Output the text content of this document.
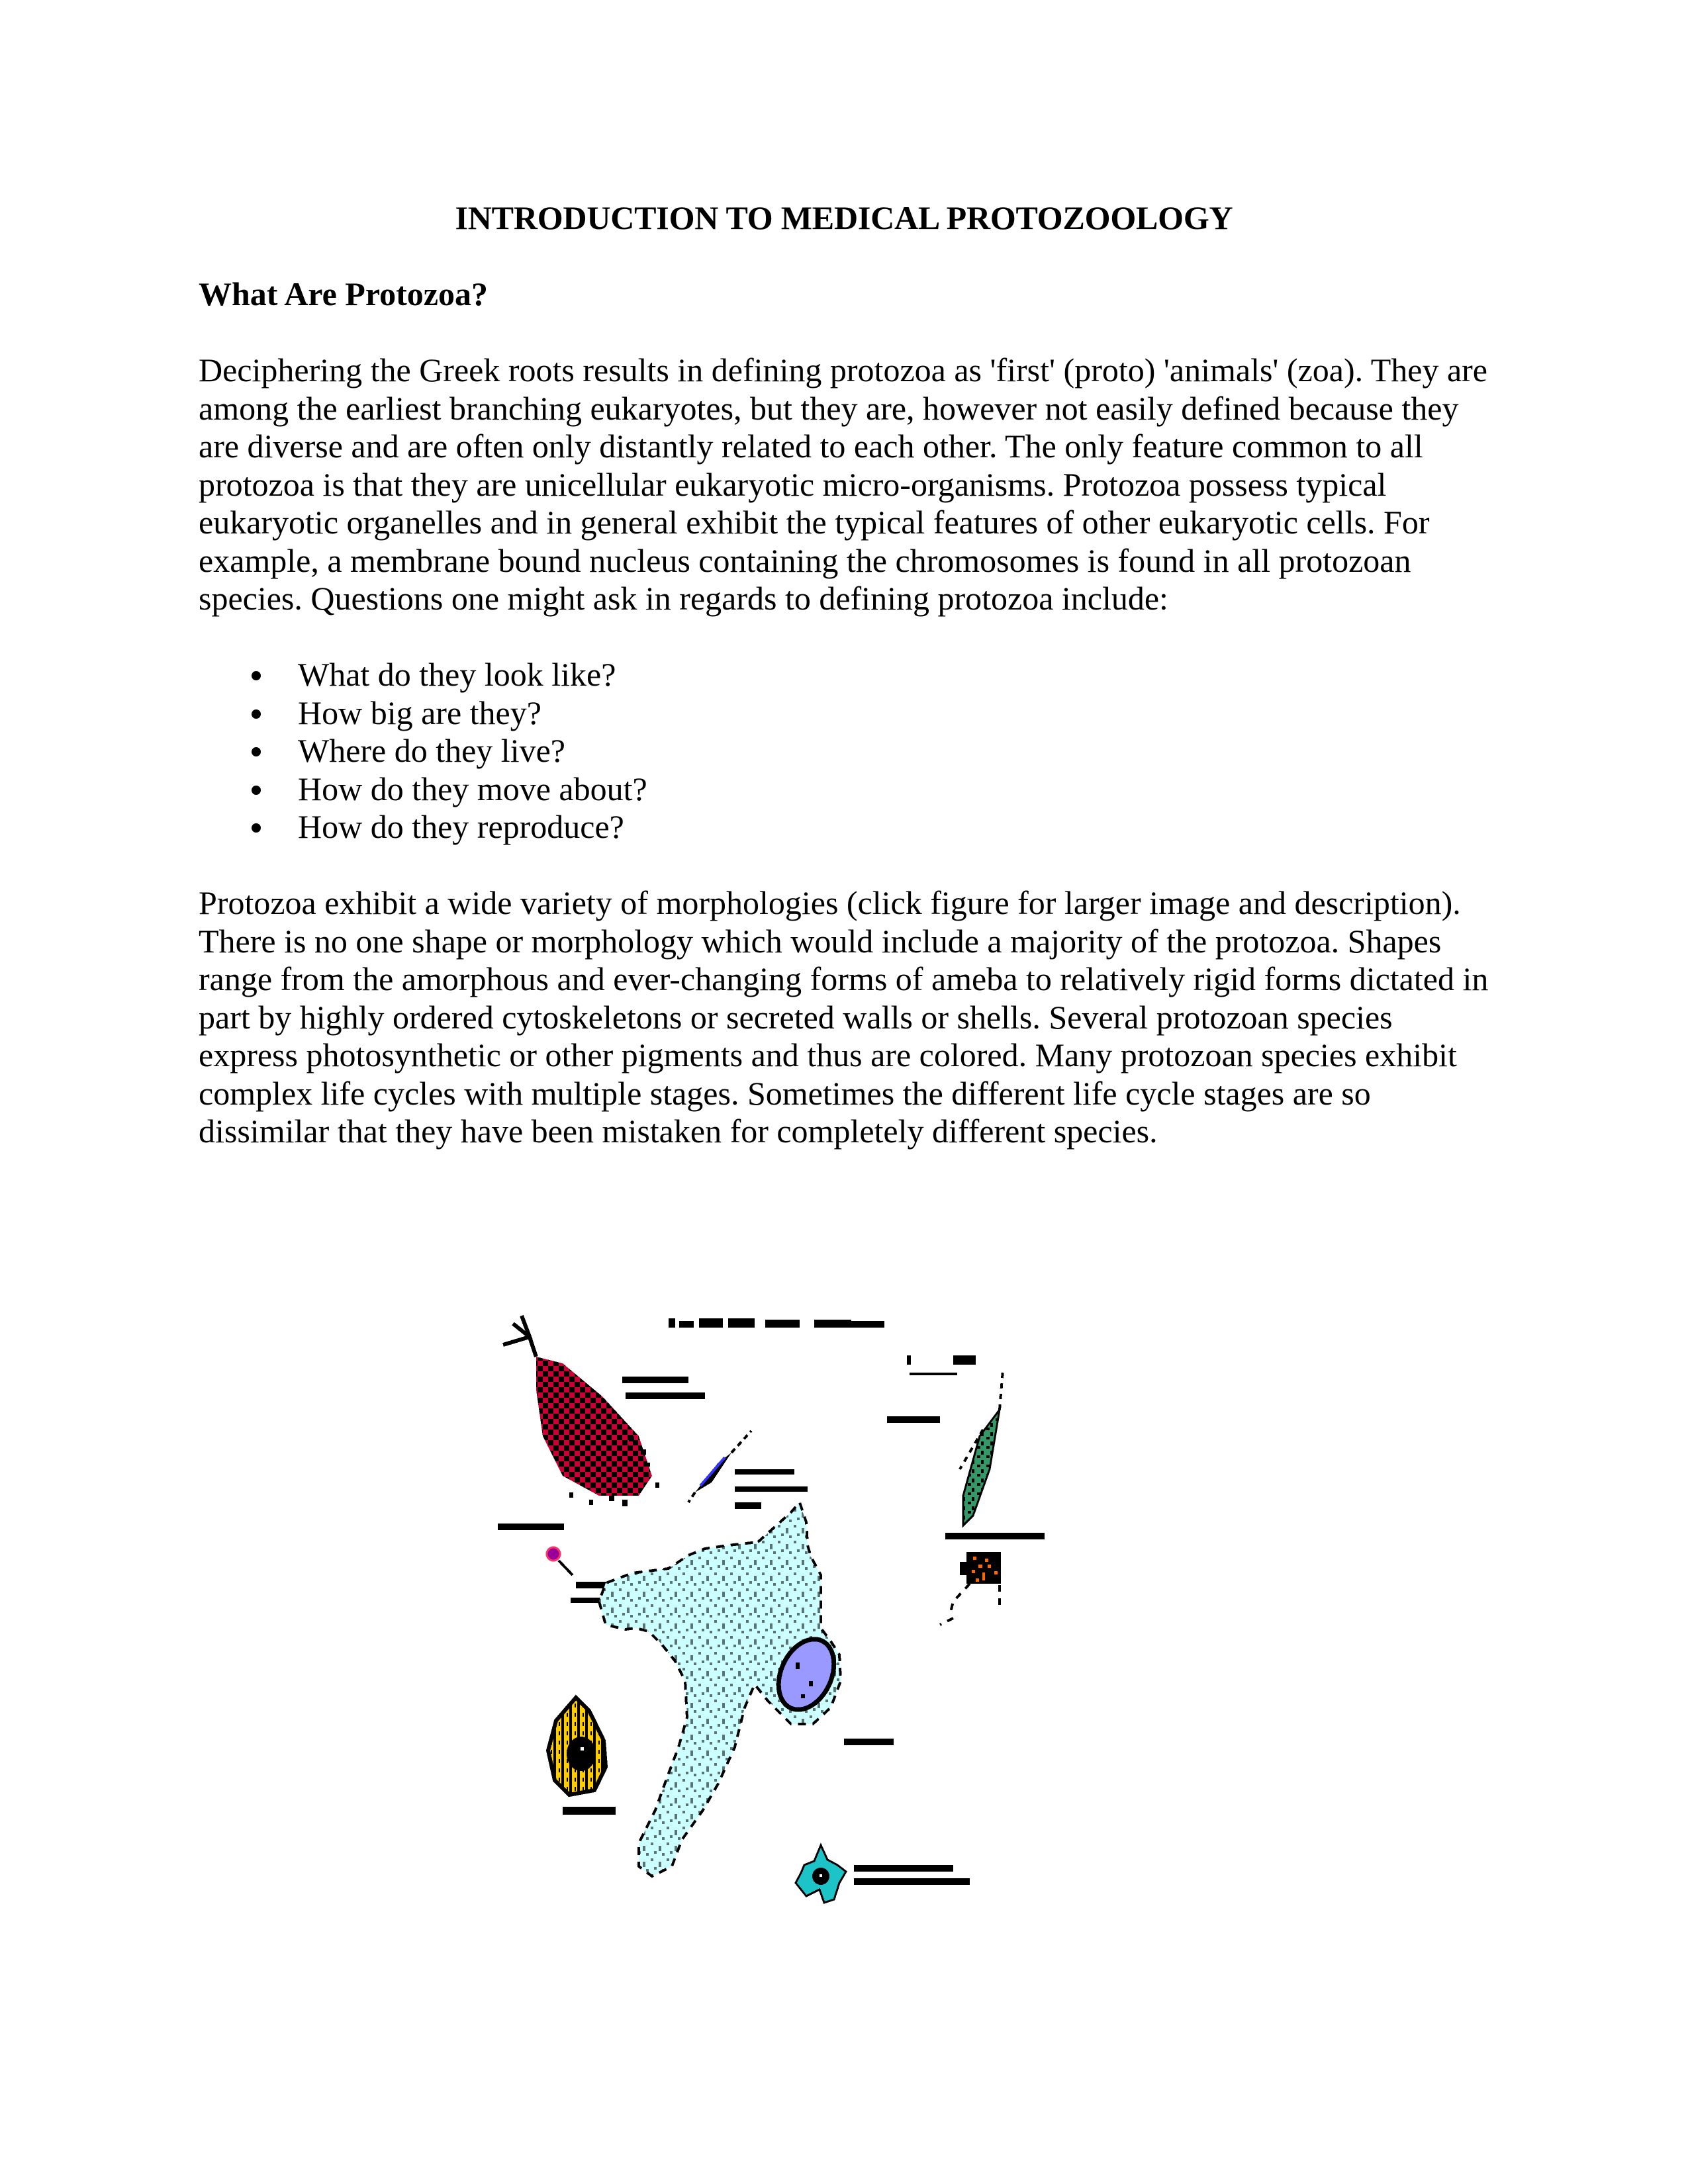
INTRODUCTION TO MEDICAL PROTOZOOLOGY
What Are Protozoa?

Deciphering the Greek roots results in defining protozoa as 'first' (proto) 'animals' (zoa). They are
among the earliest branching eukaryotes, but they are, however not easily defined because they
are diverse and are often only distantly related to each other. The only feature common to all
protozoa is that they are unicellular eukaryotic micro-organisms. Protozoa possess typical
eukaryotic organelles and in general exhibit the typical features of other eukaryotic cells. For
example, a membrane bound nucleus containing the chromosomes is found in all protozoan
species. Questions one might ask in regards to defining protozoa include:

What do they look like?
How big are they?
Where do they live?
How do they move about?
How do they reproduce?

Protozoa exhibit a wide variety of morphologies (click figure for larger image and description).
There is no one shape or morphology which would include a majority of the protozoa. Shapes
range from the amorphous and ever-changing forms of ameba to relatively rigid forms dictated in
part by highly ordered cytoskeletons or secreted walls or shells. Several protozoan species
express photosynthetic or other pigments and thus are colored. Many protozoan species exhibit
complex life cycles with multiple stages. Sometimes the different life cycle stages are so
dissimilar that they have been mistaken for completely different species.
